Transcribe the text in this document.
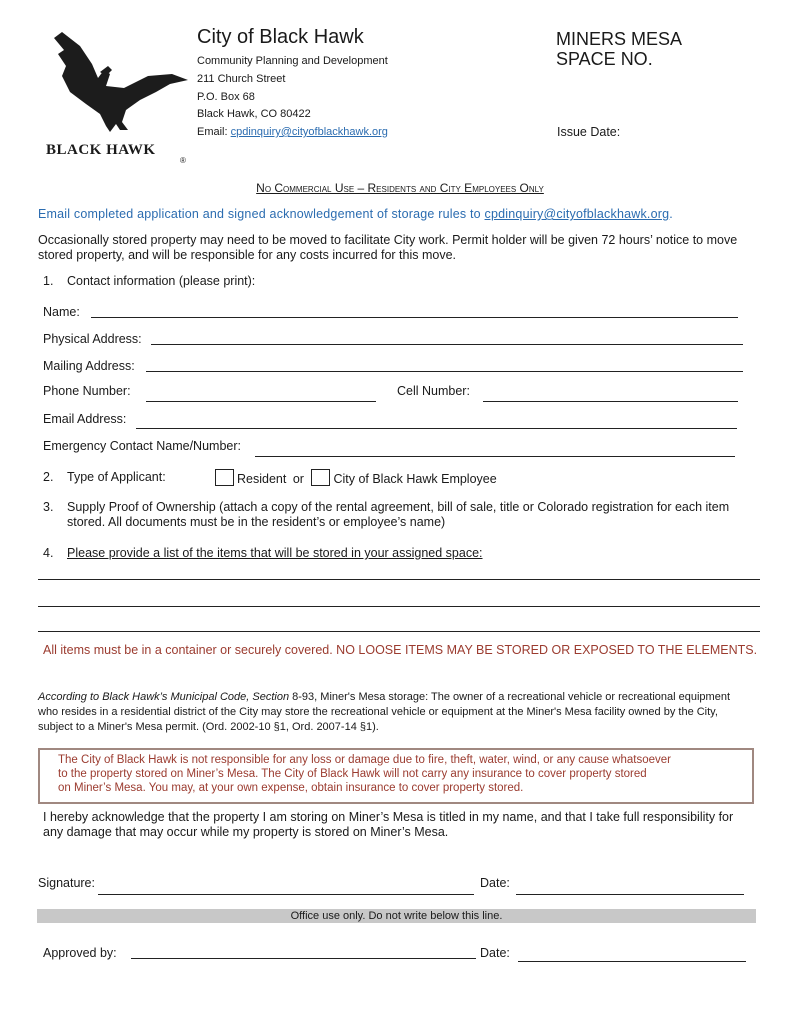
BLACK HAWK
®
City of Black Hawk
Community Planning and Development
211 Church Street
P.O. Box 68
Black Hawk, CO 80422
Email: cpdinquiry@cityofblackhawk.org
MINERS MESA
SPACE NO.
Issue Date:
No Commercial Use – Residents and City Employees Only
Email completed application and signed acknowledgement of storage rules to cpdinquiry@cityofblackhawk.org.
Occasionally stored property may need to be moved to facilitate City work. Permit holder will be given 72 hours’ notice to move stored property, and will be responsible for any costs incurred for this move.
1. Contact information (please print):
Name:
Physical Address:
Mailing Address:
Phone Number:	Cell Number:
Email Address:
Emergency Contact Name/Number:
2. Type of Applicant:	Resident or City of Black Hawk Employee
3. Supply Proof of Ownership (attach a copy of the rental agreement, bill of sale, title or Colorado registration for each item stored. All documents must be in the resident’s or employee’s name)
4. Please provide a list of the items that will be stored in your assigned space:
All items must be in a container or securely covered. NO LOOSE ITEMS MAY BE STORED OR EXPOSED TO THE ELEMENTS.
According to Black Hawk’s Municipal Code, Section 8-93, Miner's Mesa storage: The owner of a recreational vehicle or recreational equipment who resides in a residential district of the City may store the recreational vehicle or equipment at the Miner's Mesa facility owned by the City, subject to a Miner's Mesa permit. (Ord. 2002-10 §1, Ord. 2007-14 §1).
The City of Black Hawk is not responsible for any loss or damage due to fire, theft, water, wind, or any cause whatsoever
to the property stored on Miner’s Mesa. The City of Black Hawk will not carry any insurance to cover property stored
on Miner’s Mesa. You may, at your own expense, obtain insurance to cover property stored.
I hereby acknowledge that the property I am storing on Miner’s Mesa is titled in my name, and that I take full responsibility for any damage that may occur while my property is stored on Miner’s Mesa.
Signature:	Date:
Office use only. Do not write below this line.
Approved by:	Date:
